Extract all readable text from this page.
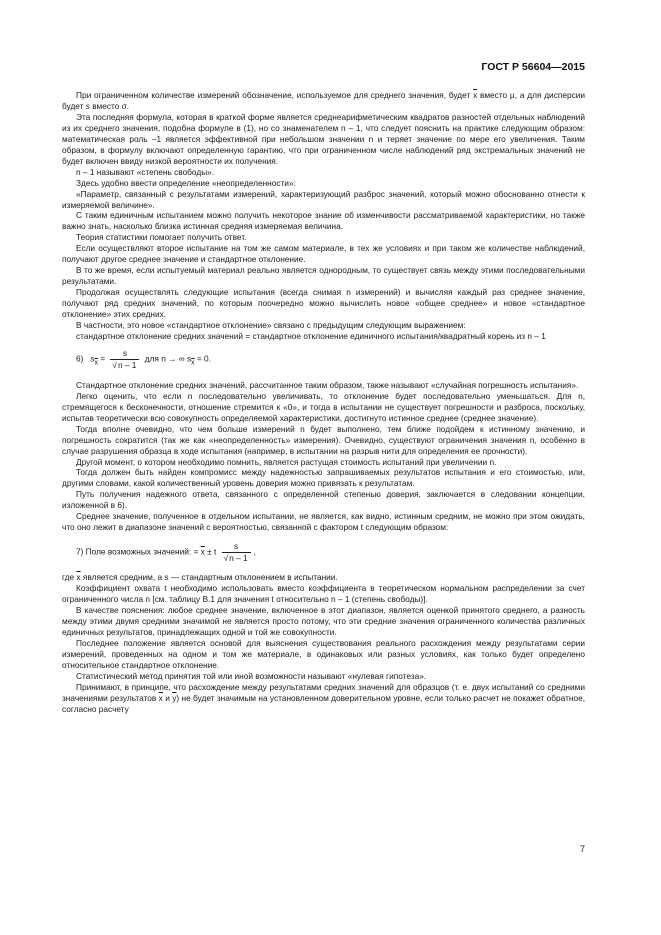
ГОСТ Р 56604—2015

При ограниченном количестве измерений обозначение, используемое для среднего значения, будет $\overline{x}$ вместо μ, а для дисперсии будет s вместо σ.

Эта последняя формула, которая в краткой форме является среднеарифметическим квадратов разностей отдельных наблюдений из их среднего значения, подобна формуле в (1), но со знаменателем n – 1, что следует пояснить на практике следующим образом: математическая роль –1 является эффективной при небольшом значении n и теряет значение по мере его увеличения. Таким образом, в формулу включают определенную гарантию, что при ограниченном числе наблюдений ряд экстремальных значений не будет включен ввиду низкой вероятности их получения.

n – 1 называют «степень свободы».

Здесь удобно ввести определение «неопределенности»:

«Параметр, связанный с результатами измерений, характеризующий разброс значений, который можно обоснованно отнести к измеряемой величине».

С таким единичным испытанием можно получить некоторое знание об изменчивости рассматриваемой характеристики, но также важно знать, насколько близка истинная средняя измеряемая величина.

Теория статистики помогает получить ответ.

Если осуществляют второе испытание на том же самом материале, в тех же условиях и при таком же количестве наблюдений, получают другое среднее значение и стандартное отклонение.

В то же время, если испытуемый материал реально является однородным, то существует связь между этими последовательными результатами.

Продолжая осуществлять следующие испытания (всегда снимая n измерений) и вычисляя каждый раз среднее значение, получают ряд средних значений, по которым поочередно можно вычислить новое «общее среднее» и новое «стандартное отклонение» этих средних.

В частности, это новое «стандартное отклонение» связано с предыдущим следующим выражением:

стандартное отклонение средних значений = стандартное отклонение единичного испытания/квадратный корень из n – 1

6) $s_{\overline{x}} = \frac{s}{√n - 1}$ для n → ∞ $s_{\overline{x}} = 0$.

Стандартное отклонение средних значений, рассчитанное таким образом, также называют «случайная погрешность испытания».

Легко оценить, что если n последовательно увеличивать, то отклонение будет последовательно уменьшаться. Для n, стремящегося к бесконечности, отношение стремится к «0», и тогда в испытании не существует погрешности и разброса, поскольку, испытав теоретически всю совокупность определяемой характеристики, достигнуто истинное среднее (среднее значение).

Тогда вполне очевидно, что чем больше измерений n будет выполнено, тем ближе подойдем к истинному значению, и погрешность сократится (так же как «неопределенность» измерения). Очевидно, существуют ограничения значения n, особенно в случае разрушения образца в ходе испытания (например, в испытании на разрыв нити для определения ее прочности).

Другой момент, о котором необходимо помнить, является растущая стоимость испытаний при увеличении n.

Тогда должен быть найден компромисс между надежностью запрашиваемых результатов испытания и его стоимостью, или, другими словами, какой количественный уровень доверия можно привязать к результатам.

Путь получения надежного ответа, связанного с определенной степенью доверия, заключается в следовании концепции, изложенной в 6).

Среднее значение, полученное в отдельном испытании, не является, как видно, истинным средним, не можно при этом ожидать, что оно лежит в диапазоне значений с вероятностью, связанной с фактором t следующим образом:

7) Поле возможных значений: = $\overline{x} \pm t \frac{s}{√n - 1}$ ,

где $\overline{x}$ является средним, а s — стандартным отклонением в испытании.

Коэффициент охвата t необходимо использовать вместо коэффициента в теоретическом нормальном распределении за счет ограниченного числа n [см. таблицу В.1 для значения t относительно n – 1 (степень свободы)].

В качестве пояснения: любое среднее значение, включенное в этот диапазон, является оценкой принятого среднего, а разность между этими двумя средними значимой не является просто потому, что эти средние значения ограниченного количества различных единичных результатов, принадлежащих одной и той же совокупности.

Последнее положение является основой для выяснения существования реального расхождения между результатами серии измерений, проведенных на одном и том же материале, в одинаковых или разных условиях, как только будет определено относительное стандартное отклонение.

Статистический метод принятия той или иной возможности называют «нулевая гипотеза».

Принимают, в принципе, что расхождение между результатами средних значений для образцов (т. е. двух испытаний со средними значениями результатов $\overline{x}$ и $\overline{y}$) не будет значимым на установленном доверительном уровне, если только расчет не покажет обратное, согласно расчету

7
